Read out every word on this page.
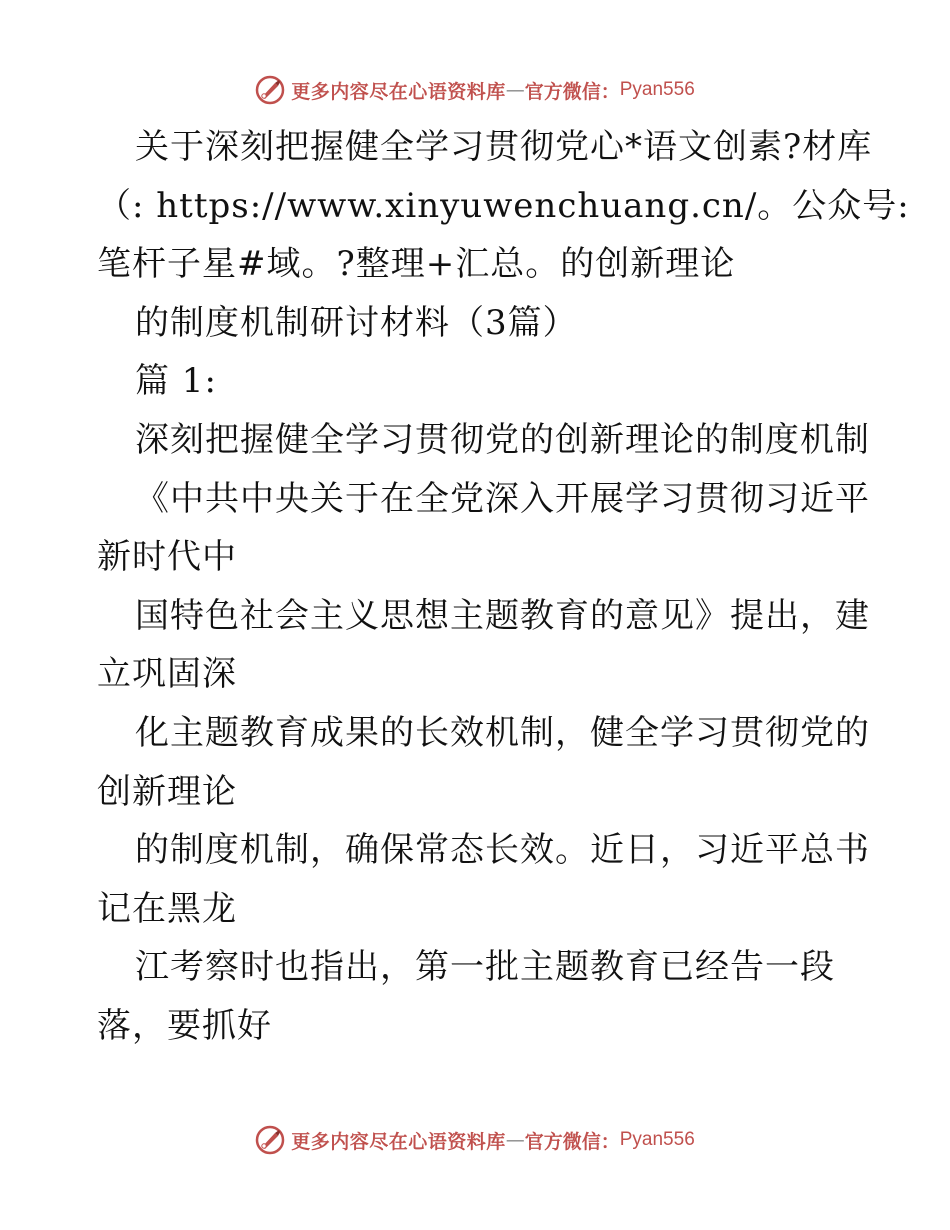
更多内容尽在心语资料库 — 官方微信： Pyan556
关于深刻把握健全学习贯彻党心*语文创素?材库
（: https://www.xinyuwenchuang.cn/。公众号:
笔杆子星#域。?整理+汇总。的创新理论
的制度机制研讨材料（3篇）
篇 1:
深刻把握健全学习贯彻党的创新理论的制度机制
《中共中央关于在全党深入开展学习贯彻习近平
新时代中
国特色社会主义思想主题教育的意见》提出，建
立巩固深
化主题教育成果的长效机制，健全学习贯彻党的
创新理论
的制度机制，确保常态长效。近日，习近平总书
记在黑龙
江考察时也指出，第一批主题教育已经告一段
落，要抓好
更多内容尽在心语资料库 — 官方微信： Pyan556
